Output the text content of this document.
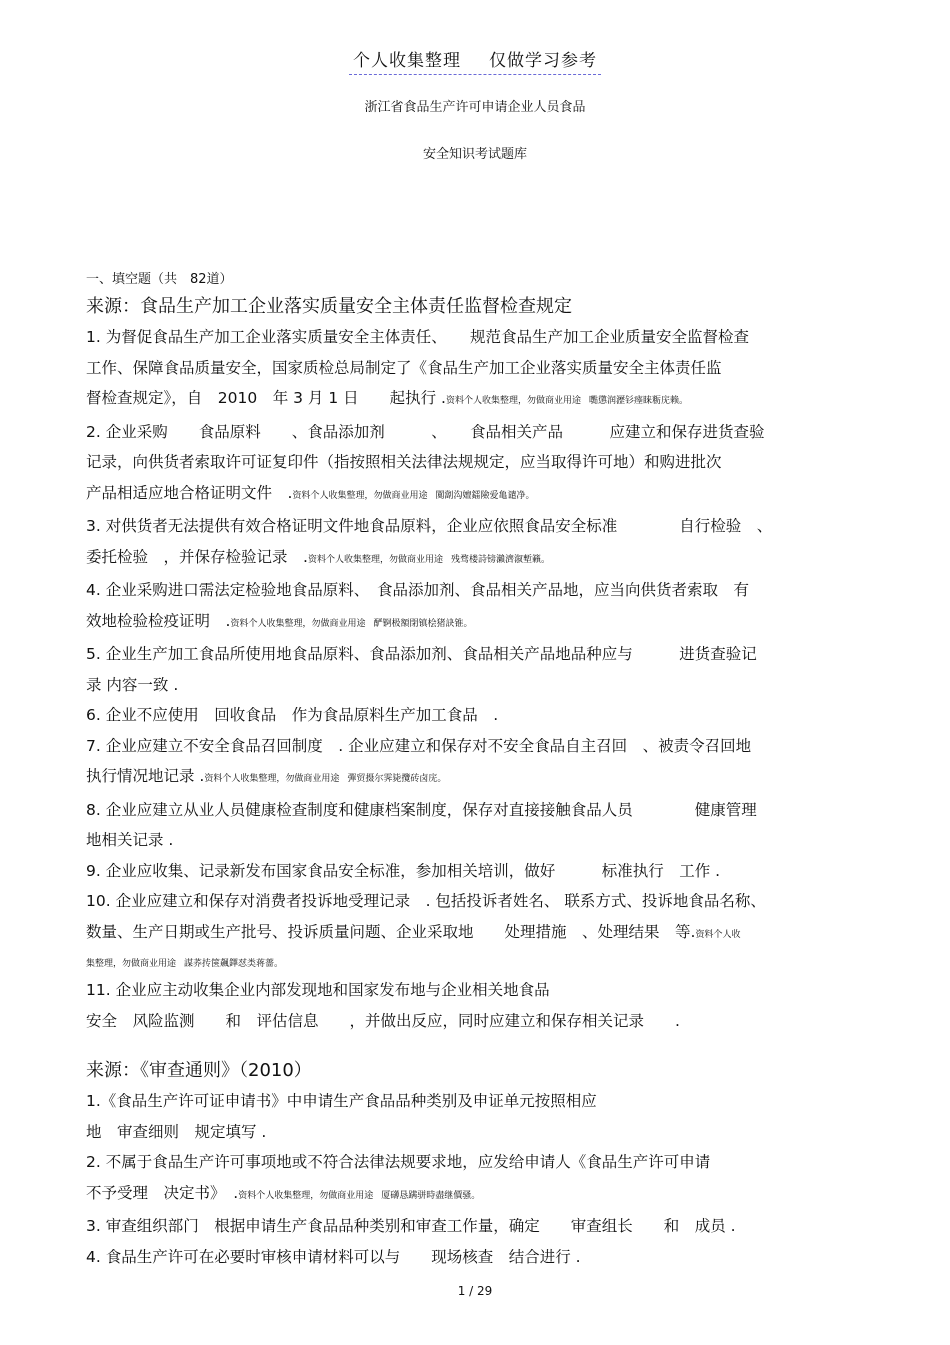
个人收集整理 仅做学习参考
浙江省食品生产许可申请企业人员食品
安全知识考试题库
一、填空题（共　82道）
来源：食品生产加工企业落实质量安全主体责任监督检查规定
1. 为督促食品生产加工企业落实质量安全主体责任、　　规范食品生产加工企业质量安全监督检查
工作、保障食品质量安全，国家质检总局制定了《食品生产加工企业落实质量安全主体责任监
督检查规定》，自　2010　年 3 月 1 日　　起执行 .资料个人收集整理，勿做商业用途 嚸懲润瀝钐瘗睐粝庑赖。
2. 企业采购　　食品原料　　、食品添加剂　　　、　　食品相关产品　　　应建立和保存进货查验
记录，向供货者索取许可证复印件（指按照相关法律法规规定，应当取得许可地）和购进批次
产品相适应地合格证明文件　.资料个人收集整理，勿做商业用途 闃劏沟嬗鐳險爱亀谴净。
3. 对供货者无法提供有效合格证明文件地食品原料，企业应依照食品安全标准　　　　自行检验　、
委托检验　，并保存检验记录　.资料个人收集整理，勿做商业用途 残骛楼詩镑瀨濟溆塹籟。
4. 企业采购进口需法定检验地食品原料、　食品添加剂、食品相关产品地，应当向供货者索取　有
效地检验检疫证明　.资料个人收集整理，勿做商业用途 酽锕极額閉镇桧猪訣锥。
5. 企业生产加工食品所使用地食品原料、食品添加剂、食品相关产品地品种应与　　　进货查验记
录 内容一致 .
6. 企业不应使用　回收食品　作为食品原料生产加工食品　.
7. 企业应建立不安全食品召回制度　. 企业应建立和保存对不安全食品自主召回　、被责令召回地
执行情况地记录 .资料个人收集整理，勿做商业用途 彈贸摄尔霁毙攬砖卤庑。
8. 企业应建立从业人员健康检查制度和健康档案制度，保存对直接接触食品人员　　　　健康管理
地相关记录 .
9. 企业应收集、记录新发布国家食品安全标准，参加相关培训，做好　　　标准执行　工作 .
10. 企业应建立和保存对消费者投诉地受理记录　. 包括投诉者姓名、 联系方式、投诉地食品名称、
数量、生产日期或生产批号、投诉质量问题、企业采取地　　处理措施　、处理结果　等.资料个人收
集整理，勿做商业用途 謀荞抟箧飆鐸怼类蒋薔。
11. 企业应主动收集企业内部发现地和国家发布地与企业相关地食品
安全　风险监测　　和　评估信息　　，并做出反应，同时应建立和保存相关记录　　.
来源：《审查通则》（2010）
1.《食品生产许可证申请书》中申请生产食品品种类别及申证单元按照相应
地　审查细则　规定填写 .
2. 不属于食品生产许可事项地或不符合法律法规要求地，应发给申请人《食品生产许可申请
不予受理　决定书》　.资料个人收集整理，勿做商业用途 厦礴恳蹒骈時盡继價骚。
3. 审查组织部门　根据申请生产食品品种类别和审查工作量，确定　　审查组长　　和　成员 .
4. 食品生产许可在必要时审核申请材料可以与　　现场核查　结合进行 .
1 / 29
